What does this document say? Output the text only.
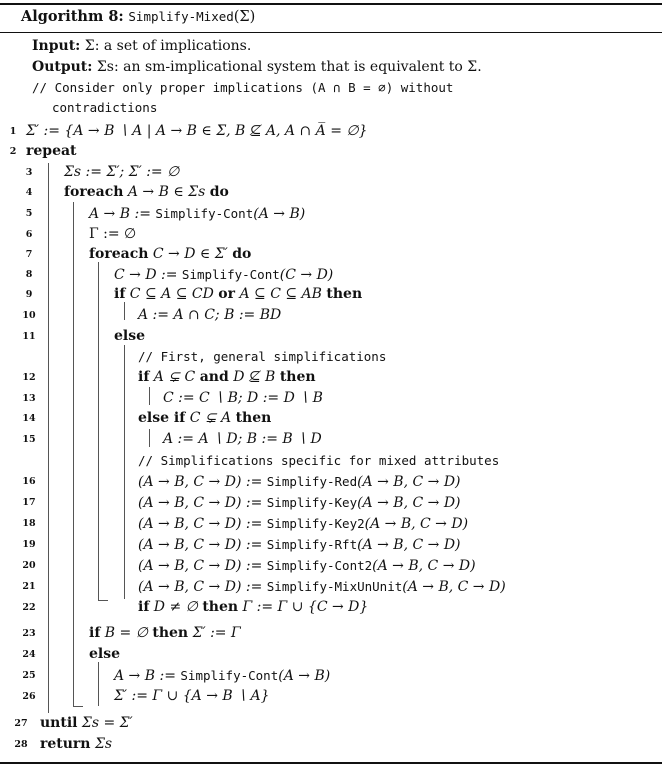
Algorithm 8: Simplify-Mixed(Σ)
Input: Σ: a set of implications.
Output: Σs: an sm-implicational system that is equivalent to Σ.
// Consider only proper implications (A ∩ B = ∅) without
contradictions
1 Σ′ := {A → B ∖ A | A → B ∈ Σ, B ⊈ A, A ∩ A̅ = ∅}
2 repeat
3	Σs := Σ′; Σ′ := ∅
4	foreach A → B ∈ Σs do
5	A → B := Simplify-Cont(A → B)
6	Γ := ∅
7	foreach C → D ∈ Σ′ do
8	C → D := Simplify-Cont(C → D)
9	if C ⊆ A ⊆ CD or A ⊆ C ⊆ AB then
10	A := A ∩ C; B := BD
11	else
// First, general simplifications
12	if A ⊊ C and D ⊈ B then
13	C := C ∖ B; D := D ∖ B
14	else if C ⊊ A then
15	A := A ∖ D; B := B ∖ D
// Simplifications specific for mixed attributes
16	(A → B, C → D) := Simplify-Red(A → B, C → D)
17	(A → B, C → D) := Simplify-Key(A → B, C → D)
18	(A → B, C → D) := Simplify-Key2(A → B, C → D)
19	(A → B, C → D) := Simplify-Rft(A → B, C → D)
20	(A → B, C → D) := Simplify-Cont2(A → B, C → D)
21	(A → B, C → D) := Simplify-MixUnUnit(A → B, C → D)
22	if D ≠ ∅ then Γ := Γ ∪ {C → D}
23	if B = ∅ then Σ′ := Γ
24	else
25	A → B := Simplify-Cont(A → B)
26	Σ′ := Γ ∪ {A → B ∖ A}
27 until Σs = Σ′
28 return Σs
